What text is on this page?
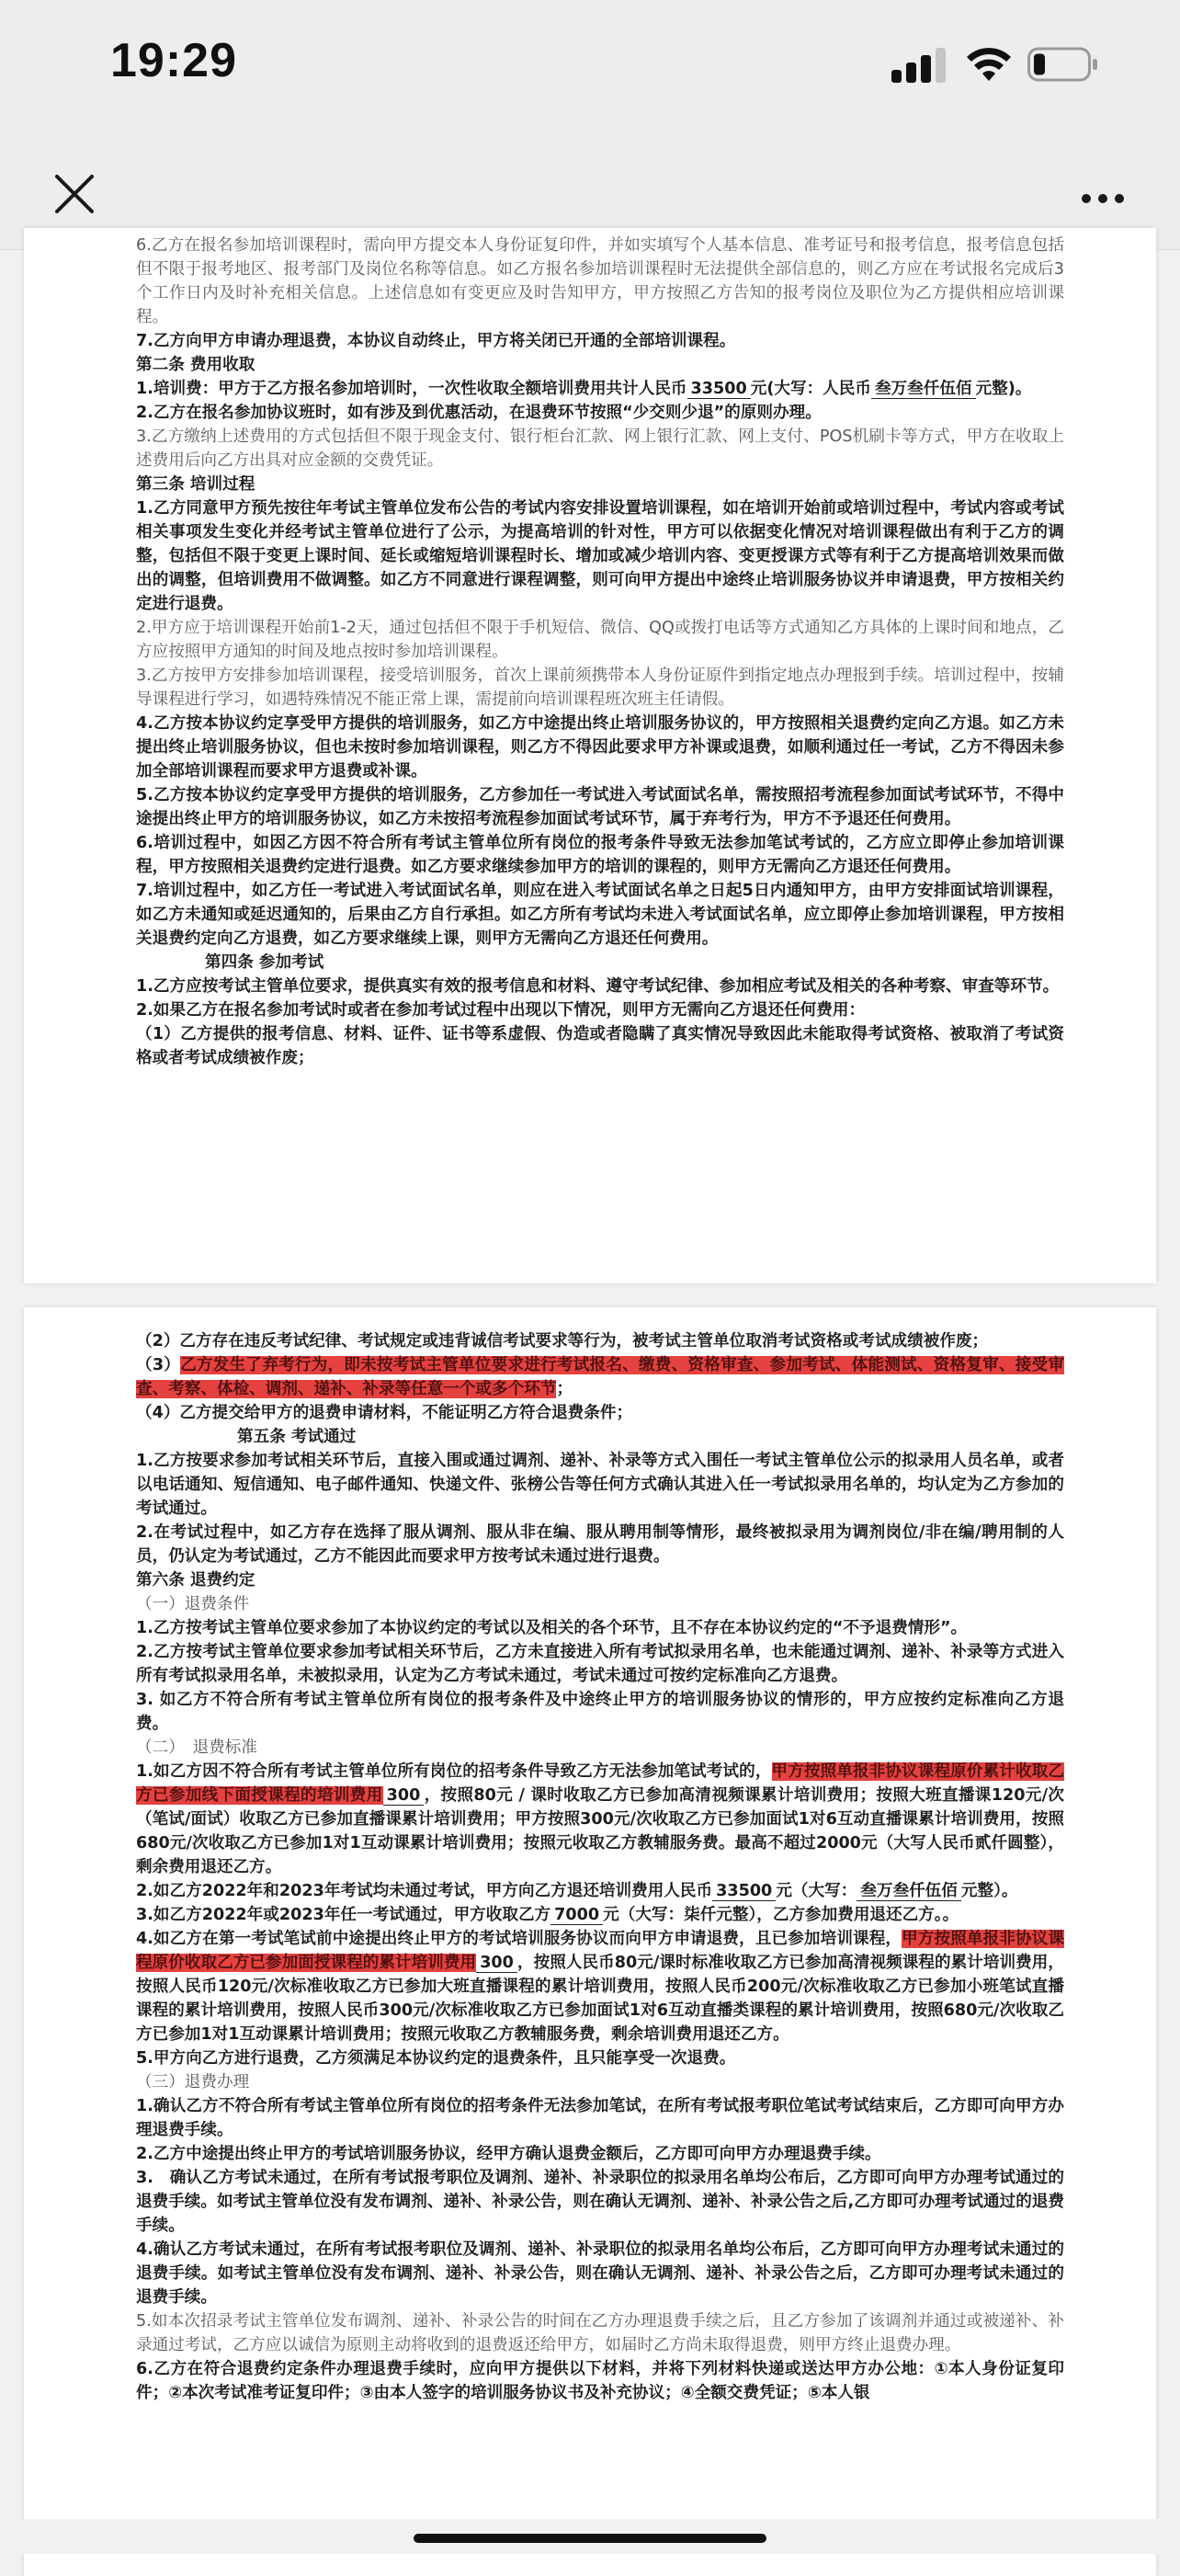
19:29
6.乙方在报名参加培训课程时，需向甲方提交本人身份证复印件，并如实填写个人基本信息、准考证号和报考信息，报考信息包括但不限于报考地区、报考部门及岗位名称等信息。如乙方报名参加培训课程时无法提供全部信息的，则乙方应在考试报名完成后3个工作日内及时补充相关信息。上述信息如有变更应及时告知甲方，甲方按照乙方告知的报考岗位及职位为乙方提供相应培训课程。
7.乙方向甲方申请办理退费，本协议自动终止，甲方将关闭已开通的全部培训课程。
第二条 费用收取
1.培训费：甲方于乙方报名参加培训时，一次性收取全额培训费用共计人民币 33500 元(大写：人民币 叁万叁仟伍佰 元整)。
2.乙方在报名参加协议班时，如有涉及到优惠活动，在退费环节按照“少交则少退”的原则办理。
3.乙方缴纳上述费用的方式包括但不限于现金支付、银行柜台汇款、网上银行汇款、网上支付、POS机刷卡等方式，甲方在收取上述费用后向乙方出具对应金额的交费凭证。
第三条 培训过程
1.乙方同意甲方预先按往年考试主管单位发布公告的考试内容安排设置培训课程，如在培训开始前或培训过程中，考试内容或考试相关事项发生变化并经考试主管单位进行了公示，为提高培训的针对性，甲方可以依据变化情况对培训课程做出有利于乙方的调整，包括但不限于变更上课时间、延长或缩短培训课程时长、增加或减少培训内容、变更授课方式等有利于乙方提高培训效果而做出的调整，但培训费用不做调整。如乙方不同意进行课程调整，则可向甲方提出中途终止培训服务协议并申请退费，甲方按相关约定进行退费。
2.甲方应于培训课程开始前1-2天，通过包括但不限于手机短信、微信、QQ或拨打电话等方式通知乙方具体的上课时间和地点，乙方应按照甲方通知的时间及地点按时参加培训课程。
3.乙方按甲方安排参加培训课程，接受培训服务，首次上课前须携带本人身份证原件到指定地点办理报到手续。培训过程中，按辅导课程进行学习，如遇特殊情况不能正常上课，需提前向培训课程班次班主任请假。
4.乙方按本协议约定享受甲方提供的培训服务，如乙方中途提出终止培训服务协议的，甲方按照相关退费约定向乙方退。如乙方未提出终止培训服务协议，但也未按时参加培训课程，则乙方不得因此要求甲方补课或退费，如顺利通过任一考试，乙方不得因未参加全部培训课程而要求甲方退费或补课。
5.乙方按本协议约定享受甲方提供的培训服务，乙方参加任一考试进入考试面试名单，需按照招考流程参加面试考试环节，不得中途提出终止甲方的培训服务协议，如乙方未按招考流程参加面试考试环节，属于弃考行为，甲方不予退还任何费用。
6.培训过程中，如因乙方因不符合所有考试主管单位所有岗位的报考条件导致无法参加笔试考试的，乙方应立即停止参加培训课程，甲方按照相关退费约定进行退费。如乙方要求继续参加甲方的培训的课程的，则甲方无需向乙方退还任何费用。
7.培训过程中，如乙方任一考试进入考试面试名单，则应在进入考试面试名单之日起5日内通知甲方，由甲方安排面试培训课程，如乙方未通知或延迟通知的，后果由乙方自行承担。如乙方所有考试均未进入考试面试名单，应立即停止参加培训课程，甲方按相关退费约定向乙方退费，如乙方要求继续上课，则甲方无需向乙方退还任何费用。
第四条 参加考试
1.乙方应按考试主管单位要求，提供真实有效的报考信息和材料、遵守考试纪律、参加相应考试及相关的各种考察、审查等环节。
2.如果乙方在报名参加考试时或者在参加考试过程中出现以下情况，则甲方无需向乙方退还任何费用：
（1）乙方提供的报考信息、材料、证件、证书等系虚假、伪造或者隐瞒了真实情况导致因此未能取得考试资格、被取消了考试资格或者考试成绩被作废；
（2）乙方存在违反考试纪律、考试规定或违背诚信考试要求等行为，被考试主管单位取消考试资格或考试成绩被作废；
（3）乙方发生了弃考行为，即未按考试主管单位要求进行考试报名、缴费、资格审查、参加考试、体能测试、资格复审、接受审查、考察、体检、调剂、递补、补录等任意一个或多个环节；
（4）乙方提交给甲方的退费申请材料，不能证明乙方符合退费条件；
第五条 考试通过
1.乙方按要求参加考试相关环节后，直接入围或通过调剂、递补、补录等方式入围任一考试主管单位公示的拟录用人员名单，或者以电话通知、短信通知、电子邮件通知、快递文件、张榜公告等任何方式确认其进入任一考试拟录用名单的，均认定为乙方参加的考试通过。
2.在考试过程中，如乙方存在选择了服从调剂、服从非在编、服从聘用制等情形，最终被拟录用为调剂岗位/非在编/聘用制的人员，仍认定为考试通过，乙方不能因此而要求甲方按考试未通过进行退费。
第六条 退费约定
（一）退费条件
1.乙方按考试主管单位要求参加了本协议约定的考试以及相关的各个环节，且不存在本协议约定的“不予退费情形”。
2.乙方按考试主管单位要求参加考试相关环节后，乙方未直接进入所有考试拟录用名单，也未能通过调剂、递补、补录等方式进入所有考试拟录用名单，未被拟录用，认定为乙方考试未通过，考试未通过可按约定标准向乙方退费。
3. 如乙方不符合所有考试主管单位所有岗位的报考条件及中途终止甲方的培训服务协议的情形的，甲方应按约定标准向乙方退费。
（二）　退费标准
1.如乙方因不符合所有考试主管单位所有岗位的招考条件导致乙方无法参加笔试考试的，甲方按照单报非协议课程原价累计收取乙方已参加线下面授课程的培训费用 300 ，按照80元 / 课时收取乙方已参加高清视频课累计培训费用；按照大班直播课120元/次（笔试/面试）收取乙方已参加直播课累计培训费用；甲方按照300元/次收取乙方已参加面试1对6互动直播课累计培训费用，按照680元/次收取乙方已参加1对1互动课累计培训费用；按照元收取乙方教辅服务费。最高不超过2000元（大写人民币贰仟圆整），剩余费用退还乙方。
2.如乙方2022年和2023年考试均未通过考试，甲方向乙方退还培训费用人民币 33500 元（大写： 叁万叁仟伍佰 元整）。
3.如乙方2022年或2023年任一考试通过，甲方收取乙方 7000 元（大写：柒仟元整），乙方参加费用退还乙方。。
4.如乙方在第一考试笔试前中途提出终止甲方的考试培训服务协议而向甲方申请退费，且已参加培训课程，甲方按照单报非协议课程原价收取乙方已参加面授课程的累计培训费用 300 ，按照人民币80元/课时标准收取乙方已参加高清视频课程的累计培训费用，按照人民币120元/次标准收取乙方已参加大班直播课程的累计培训费用，按照人民币200元/次标准收取乙方已参加小班笔试直播课程的累计培训费用，按照人民币300元/次标准收取乙方已参加面试1对6互动直播类课程的累计培训费用，按照680元/次收取乙方已参加1对1互动课累计培训费用；按照元收取乙方教辅服务费，剩余培训费用退还乙方。
5.甲方向乙方进行退费，乙方须满足本协议约定的退费条件，且只能享受一次退费。
（三）退费办理
1.确认乙方不符合所有考试主管单位所有岗位的招考条件无法参加笔试，在所有考试报考职位笔试考试结束后，乙方即可向甲方办理退费手续。
2.乙方中途提出终止甲方的考试培训服务协议，经甲方确认退费金额后，乙方即可向甲方办理退费手续。
3.　确认乙方考试未通过，在所有考试报考职位及调剂、递补、补录职位的拟录用名单均公布后，乙方即可向甲方办理考试通过的退费手续。如考试主管单位没有发布调剂、递补、补录公告，则在确认无调剂、递补、补录公告之后,乙方即可办理考试通过的退费手续。
4.确认乙方考试未通过，在所有考试报考职位及调剂、递补、补录职位的拟录用名单均公布后，乙方即可向甲方办理考试未通过的退费手续。如考试主管单位没有发布调剂、递补、补录公告，则在确认无调剂、递补、补录公告之后，乙方即可办理考试未通过的退费手续。
5.如本次招录考试主管单位发布调剂、递补、补录公告的时间在乙方办理退费手续之后，且乙方参加了该调剂并通过或被递补、补录通过考试，乙方应以诚信为原则主动将收到的退费返还给甲方，如届时乙方尚未取得退费，则甲方终止退费办理。
6.乙方在符合退费约定条件办理退费手续时，应向甲方提供以下材料，并将下列材料快递或送达甲方办公地：①本人身份证复印件；②本次考试准考证复印件；③由本人签字的培训服务协议书及补充协议；④全额交费凭证；⑤本人银
